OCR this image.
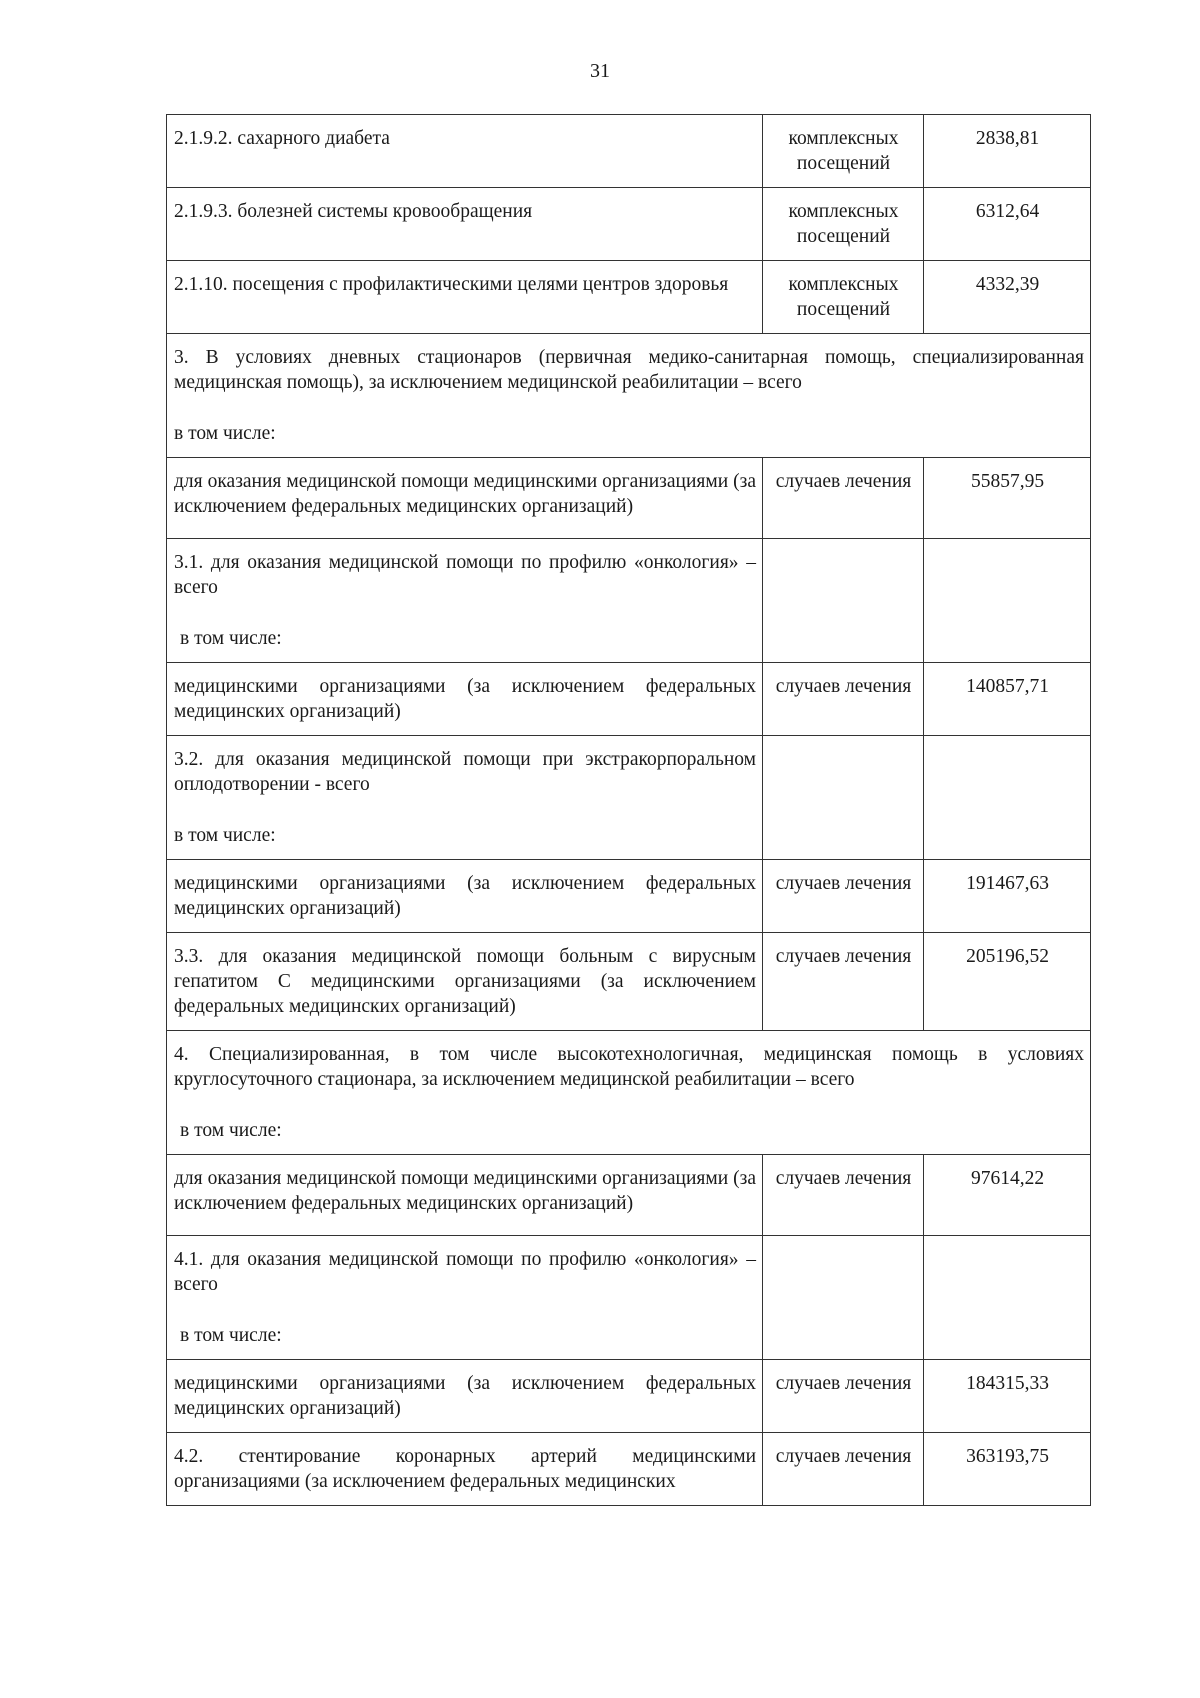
31
2.1.9.2. сахарного диабета	комплексных посещений	2838,81
2.1.9.3. болезней системы кровообращения	комплексных посещений	6312,64
2.1.10. посещения с профилактическими целями центров здоровья	комплексных посещений	4332,39
3. В условиях дневных стационаров (первичная медико-санитарная помощь, специализированная медицинская помощь), за исключением медицинской реабилитации – всего
в том числе:		

для оказания медицинской помощи медицинскими организациями (за исключением федеральных медицинских организаций)	случаев лечения	55857,95
3.1. для оказания медицинской помощи по профилю «онкология» – всего
в том числе:		

медицинскими организациями (за исключением федеральных медицинских организаций)	случаев лечения	140857,71
3.2. для оказания медицинской помощи при экстракорпоральном оплодотворении - всего
в том числе:		

медицинскими организациями (за исключением федеральных медицинских организаций)	случаев лечения	191467,63
3.3. для оказания медицинской помощи больным с вирусным гепатитом С медицинскими организациями (за исключением федеральных медицинских организаций)	случаев лечения	205196,52
4. Специализированная, в том числе высокотехнологичная, медицинская помощь в условиях круглосуточного стационара, за исключением медицинской реабилитации – всего
в том числе:		

для оказания медицинской помощи медицинскими организациями (за исключением федеральных медицинских организаций)	случаев лечения	97614,22
4.1. для оказания медицинской помощи по профилю «онкология» – всего
в том числе:		

медицинскими организациями (за исключением федеральных медицинских организаций)	случаев лечения	184315,33
4.2. стентирование коронарных артерий медицинскими организациями (за исключением федеральных медицинских	случаев лечения	363193,75
